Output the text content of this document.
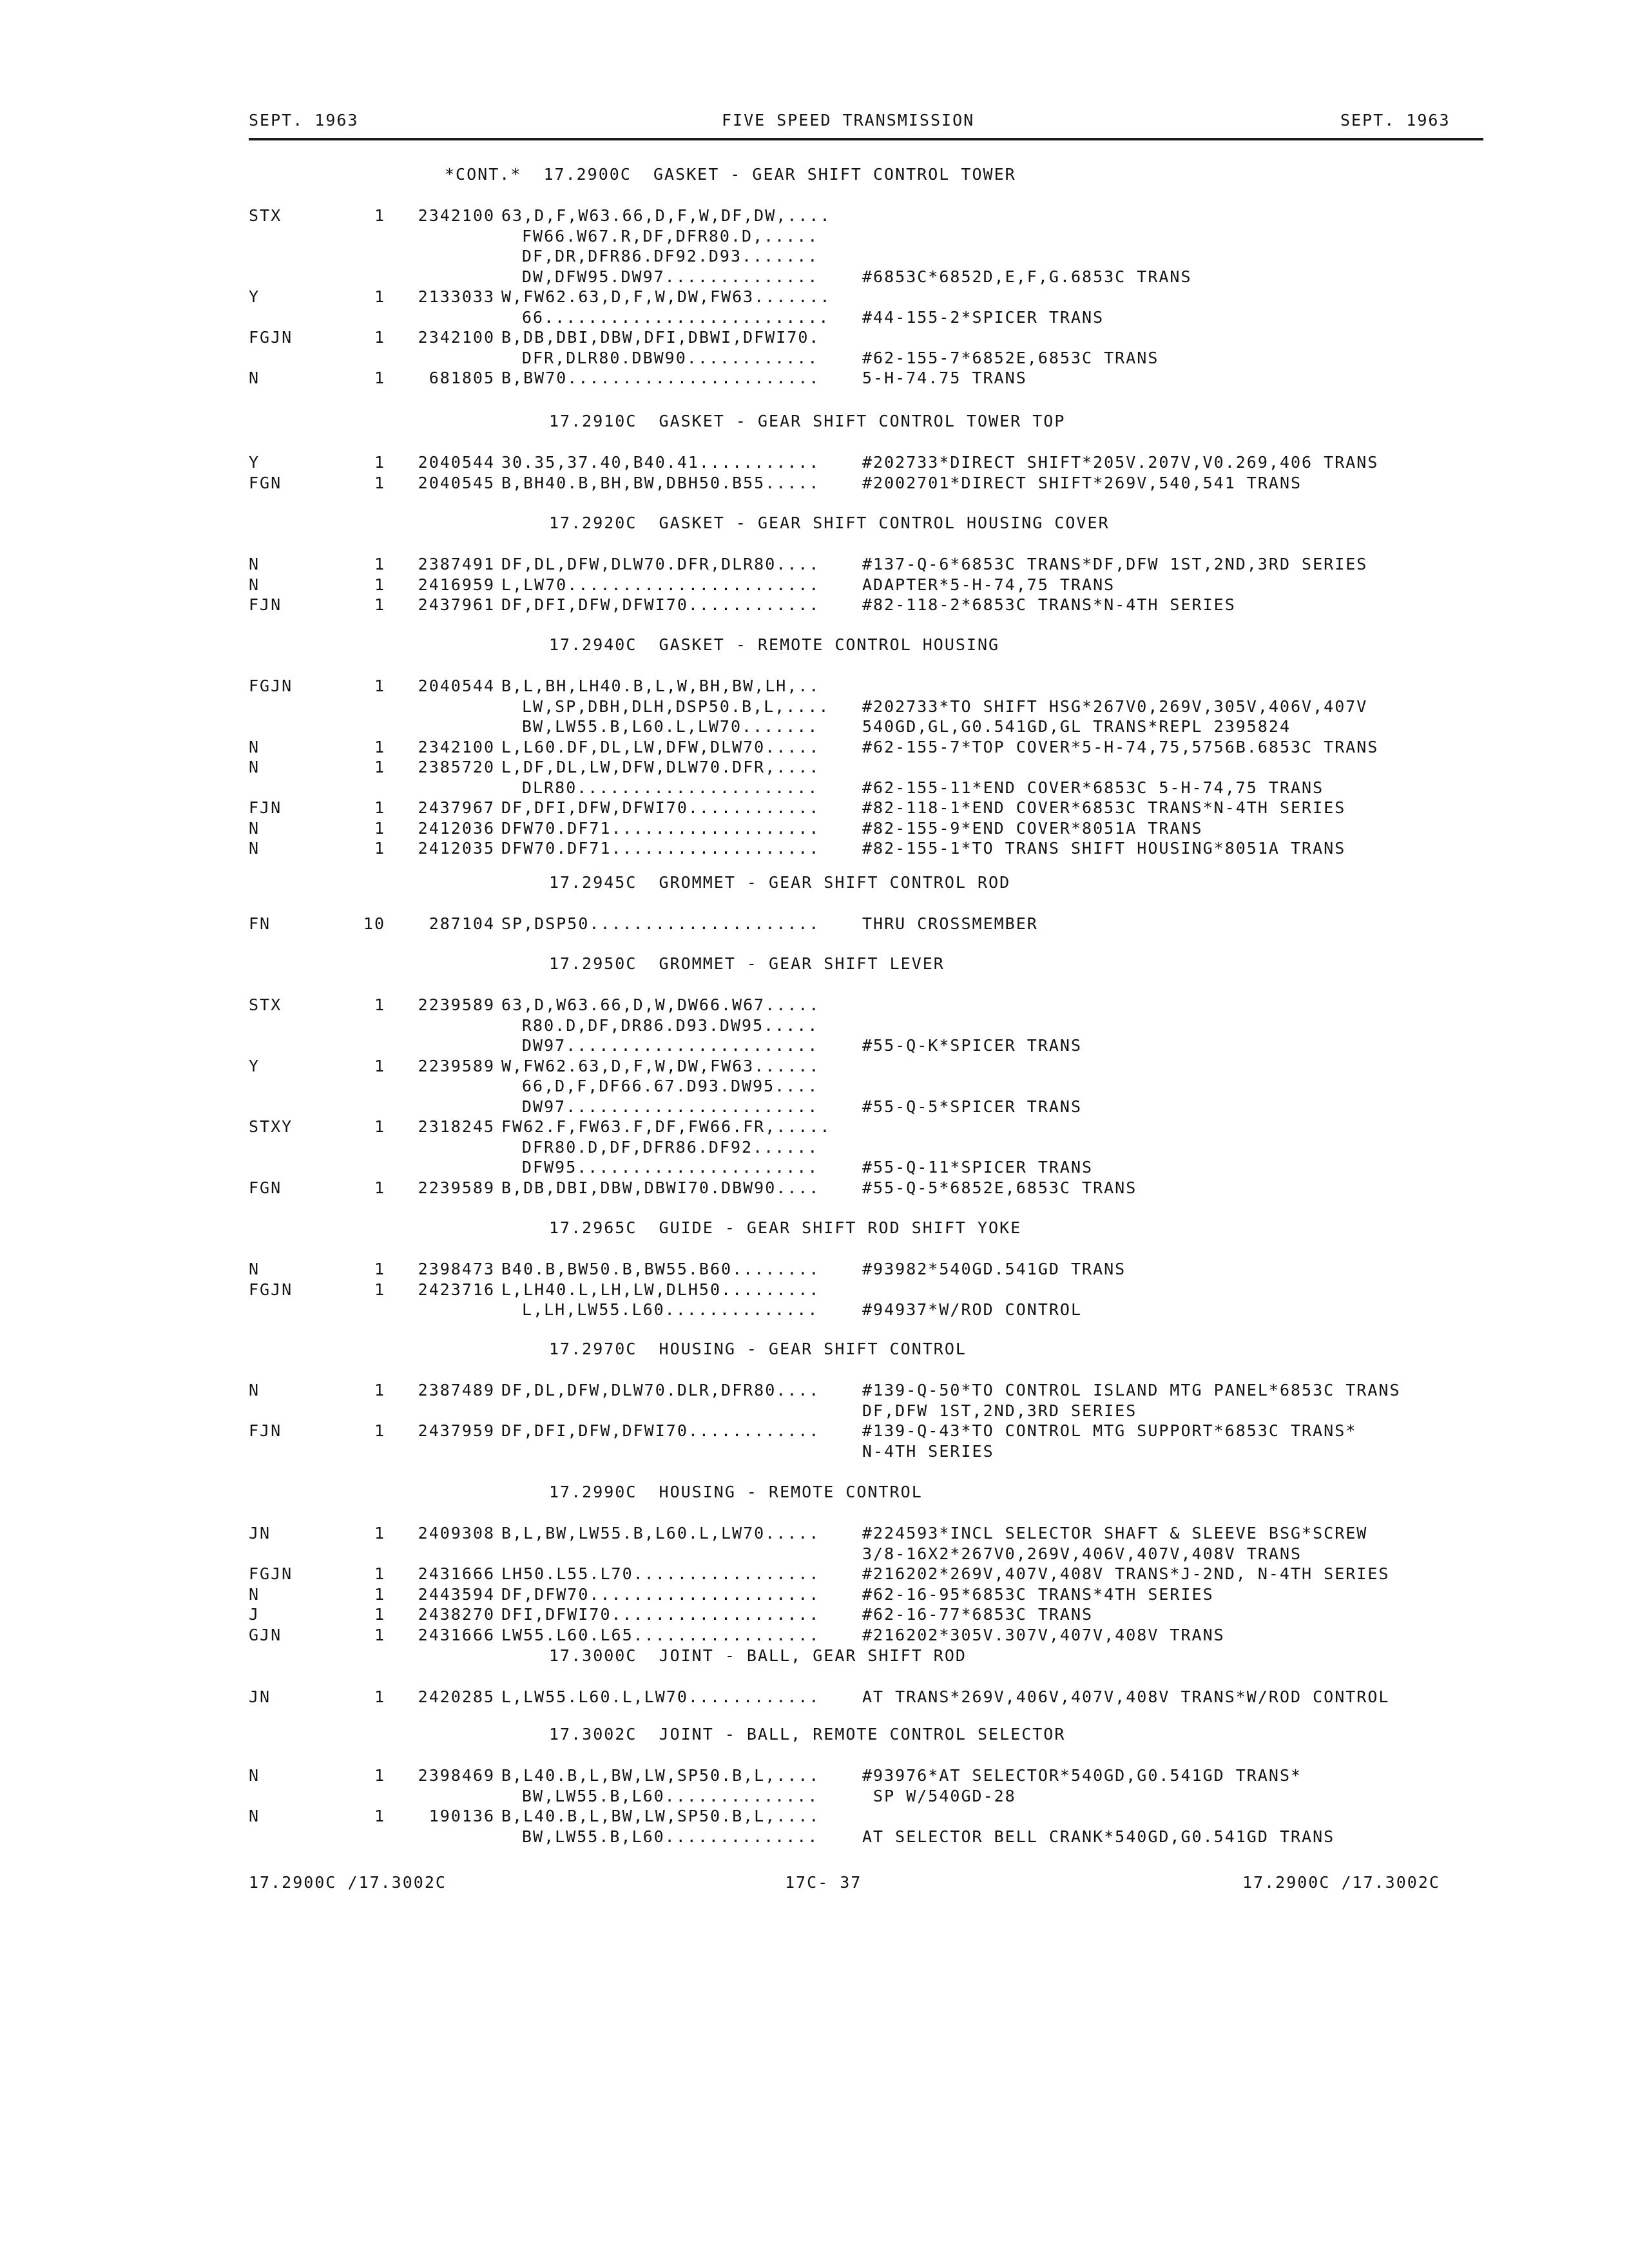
SEPT. 1963	FIVE SPEED TRANSMISSION	SEPT. 1963
*CONT.*  17.2900C  GASKET - GEAR SHIFT CONTROL TOWER
STX	1	2342100 63,D,F,W63.66,D,F,W,DF,DW,....
FW66.W67.R,DF,DFR80.D,.....
DF,DR,DFR86.DF92.D93.......
DW,DFW95.DW97..............	#6853C*6852D,E,F,G.6853C TRANS
Y	1	2133033 W,FW62.63,D,F,W,DW,FW63.......
66.......................... #44-155-2*SPICER TRANS
FGJN	1	2342100 B,DB,DBI,DBW,DFI,DBWI,DFWI70.
DFR,DLR80.DBW90............	#62-155-7*6852E,6853C TRANS
N	1	681805 B,BW70.......................	5-H-74.75 TRANS
17.2910C  GASKET - GEAR SHIFT CONTROL TOWER TOP
Y	1	2040544 30.35,37.40,B40.41...........	#202733*DIRECT SHIFT*205V.207V,V0.269,406 TRANS
FGN	1	2040545 B,BH40.B,BH,BW,DBH50.B55.....	#2002701*DIRECT SHIFT*269V,540,541 TRANS
17.2920C  GASKET - GEAR SHIFT CONTROL HOUSING COVER
N	1	2387491 DF,DL,DFW,DLW70.DFR,DLR80....	#137-Q-6*6853C TRANS*DF,DFW 1ST,2ND,3RD SERIES
N	1	2416959 L,LW70.......................	ADAPTER*5-H-74,75 TRANS
FJN	1	2437961 DF,DFI,DFW,DFWI70............	#82-118-2*6853C TRANS*N-4TH SERIES
17.2940C  GASKET - REMOTE CONTROL HOUSING
FGJN	1	2040544 B,L,BH,LH40.B,L,W,BH,BW,LH,..
LW,SP,DBH,DLH,DSP50.B,L,.... #202733*TO SHIFT HSG*267V0,269V,305V,406V,407V
BW,LW55.B,L60.L,LW70.......	540GD,GL,G0.541GD,GL TRANS*REPL 2395824
N	1	2342100 L,L60.DF,DL,LW,DFW,DLW70.....	#62-155-7*TOP COVER*5-H-74,75,5756B.6853C TRANS
N	1	2385720 L,DF,DL,LW,DFW,DLW70.DFR,....
DLR80......................	#62-155-11*END COVER*6853C 5-H-74,75 TRANS
FJN	1	2437967 DF,DFI,DFW,DFWI70............	#82-118-1*END COVER*6853C TRANS*N-4TH SERIES
N	1	2412036 DFW70.DF71...................	#82-155-9*END COVER*8051A TRANS
N	1	2412035 DFW70.DF71...................	#82-155-1*TO TRANS SHIFT HOUSING*8051A TRANS
17.2945C  GROMMET - GEAR SHIFT CONTROL ROD
FN	10	287104 SP,DSP50.....................	THRU CROSSMEMBER
17.2950C  GROMMET - GEAR SHIFT LEVER
STX	1	2239589 63,D,W63.66,D,W,DW66.W67.....
R80.D,DF,DR86.D93.DW95.....
DW97.......................	#55-Q-K*SPICER TRANS
Y	1	2239589 W,FW62.63,D,F,W,DW,FW63......
66,D,F,DF66.67.D93.DW95....
DW97.......................	#55-Q-5*SPICER TRANS
STXY	1	2318245 FW62.F,FW63.F,DF,FW66.FR,.....
DFR80.D,DF,DFR86.DF92......
DFW95......................	#55-Q-11*SPICER TRANS
FGN	1	2239589 B,DB,DBI,DBW,DBWI70.DBW90....	#55-Q-5*6852E,6853C TRANS
17.2965C  GUIDE - GEAR SHIFT ROD SHIFT YOKE
N	1	2398473 B40.B,BW50.B,BW55.B60........	#93982*540GD.541GD TRANS
FGJN	1	2423716 L,LH40.L,LH,LW,DLH50.........
L,LH,LW55.L60..............	#94937*W/ROD CONTROL
17.2970C  HOUSING - GEAR SHIFT CONTROL
N	1	2387489 DF,DL,DFW,DLW70.DLR,DFR80....	#139-Q-50*TO CONTROL ISLAND MTG PANEL*6853C TRANS
DF,DFW 1ST,2ND,3RD SERIES
FJN	1	2437959 DF,DFI,DFW,DFWI70............	#139-Q-43*TO CONTROL MTG SUPPORT*6853C TRANS*
N-4TH SERIES
17.2990C  HOUSING - REMOTE CONTROL
JN	1	2409308 B,L,BW,LW55.B,L60.L,LW70.....	#224593*INCL SELECTOR SHAFT & SLEEVE BSG*SCREW
3/8-16X2*267V0,269V,406V,407V,408V TRANS
FGJN	1	2431666 LH50.L55.L70.................	#216202*269V,407V,408V TRANS*J-2ND, N-4TH SERIES
N	1	2443594 DF,DFW70.....................	#62-16-95*6853C TRANS*4TH SERIES
J	1	2438270 DFI,DFWI70...................	#62-16-77*6853C TRANS
GJN	1	2431666 LW55.L60.L65.................	#216202*305V.307V,407V,408V TRANS
17.3000C  JOINT - BALL, GEAR SHIFT ROD
JN	1	2420285 L,LW55.L60.L,LW70............	AT TRANS*269V,406V,407V,408V TRANS*W/ROD CONTROL
17.3002C  JOINT - BALL, REMOTE CONTROL SELECTOR
N	1	2398469 B,L40.B,L,BW,LW,SP50.B,L,....	#93976*AT SELECTOR*540GD,G0.541GD TRANS*
BW,LW55.B,L60..............	SP W/540GD-28
N	1	190136 B,L40.B,L,BW,LW,SP50.B,L,....
BW,LW55.B,L60..............	AT SELECTOR BELL CRANK*540GD,G0.541GD TRANS
17.2900C /17.3002C	17C- 37	17.2900C /17.3002C
